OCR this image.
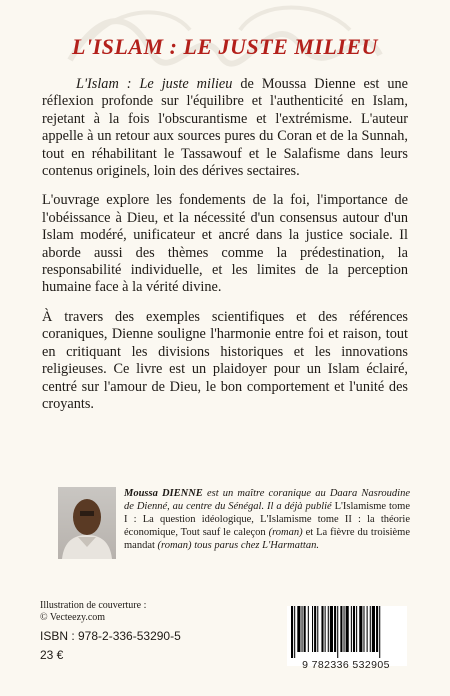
L'ISLAM : LE JUSTE MILIEU

L'Islam : Le juste milieu de Moussa Dienne est une réflexion profonde sur l'équilibre et l'authenticité en Islam, rejetant à la fois l'obscurantisme et l'extrémisme. L'auteur appelle à un retour aux sources pures du Coran et de la Sunnah, tout en réhabilitant le Tassawouf et le Salafisme dans leurs contenus originels, loin des dérives sectaires.

L'ouvrage explore les fondements de la foi, l'importance de l'obéissance à Dieu, et la nécessité d'un consensus autour d'un Islam modéré, unificateur et ancré dans la justice sociale. Il aborde aussi des thèmes comme la prédestination, la responsabilité individuelle, et les limites de la perception humaine face à la vérité divine.

À travers des exemples scientifiques et des références coraniques, Dienne souligne l'harmonie entre foi et raison, tout en critiquant les divisions historiques et les innovations religieuses. Ce livre est un plaidoyer pour un Islam éclairé, centré sur l'amour de Dieu, le bon comportement et l'unité des croyants.

Moussa DIENNE est un maître coranique au Daara Nasroudine de Dienné, au centre du Sénégal. Il a déjà publié L'Islamisme tome I : La question idéologique, L'Islamisme tome II : la théorie économique, Tout sauf le caleçon (roman) et La fièvre du troisième mandat (roman) tous parus chez L'Harmattan.
Illustration de couverture :
© Vecteezy.com
ISBN : 978-2-336-53290-5
23 €
9 782336 532905
